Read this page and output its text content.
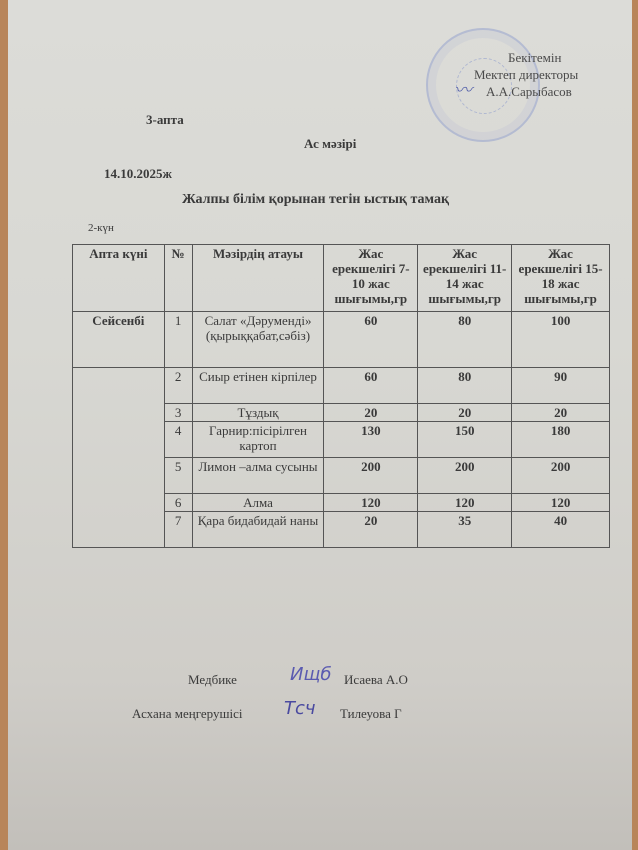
Бекітемін
Мектеп директоры
А.А.Сарыбасов
〰
3-апта
Ас мәзірі
14.10.2025ж
Жалпы білім қорынан тегін ыстық тамақ
2-күн
Апта күні	№	Мәзірдің атауы	Жас ерекшелігі 7-10 жас шығымы,гр	Жас ерекшелігі 11-14 жас шығымы,гр	Жас ерекшелігі 15-18 жас шығымы,гр
Сейсенбі	1	Салат «Дәруменді» (қырыққабат,сәбіз)	60	80	100
	2	Сиыр етінен кірпілер	60	80	90
	3	Тұздық	20	20	20
	4	Гарнир:пісірілген картоп	130	150	180
	5	Лимон –алма сусыны	200	200	200
	6	Алма	120	120	120
	7	Қара бидабидай наны	20	35	40
Медбике	Ищб Исаева А.О
Асхана меңгерушісі Тсч Тилеуова Г
